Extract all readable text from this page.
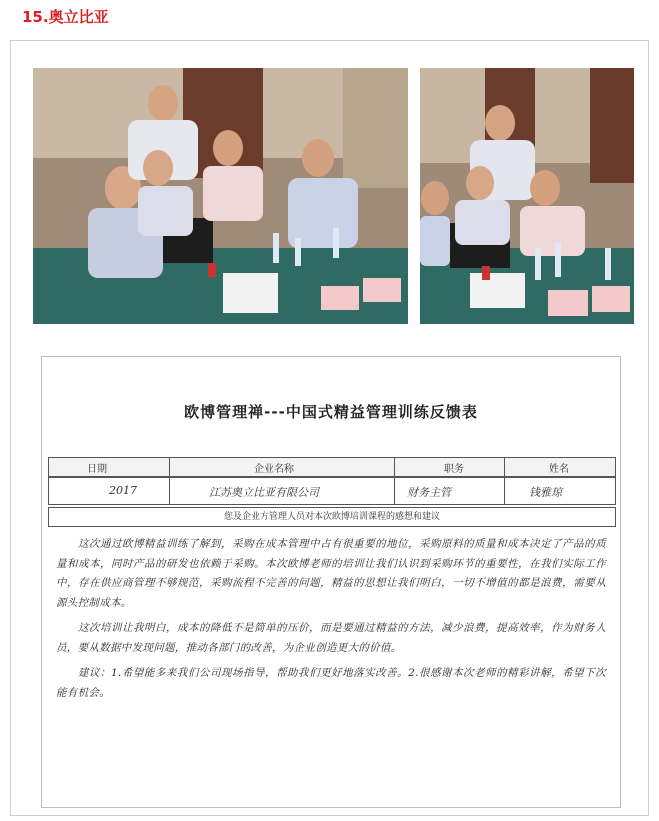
15.奥立比亚
欧博管理禅---中国式精益管理训练反馈表
日期	企业名称	职务	姓名
2017	江苏奥立比亚有限公司	财务主管	钱雅琼
您及企业方管理人员对本次欧博培训课程的感想和建议

这次通过欧博精益训练了解到，采购在成本管理中占有很重要的地位，采购原料的质量和成本决定了产品的质量和成本，同时产品的研发也依赖于采购。本次欧博老师的培训让我们认识到采购环节的重要性，在我们实际工作中，存在供应商管理不够规范，采购流程不完善的问题，精益的思想让我们明白，一切不增值的都是浪费，需要从源头控制成本。

这次培训让我明白，成本的降低不是简单的压价，而是要通过精益的方法，减少浪费，提高效率，作为财务人员，要从数据中发现问题，推动各部门的改善，为企业创造更大的价值。

建议：1.希望能多来我们公司现场指导，帮助我们更好地落实改善。2.很感谢本次老师的精彩讲解，希望下次能有机会。
